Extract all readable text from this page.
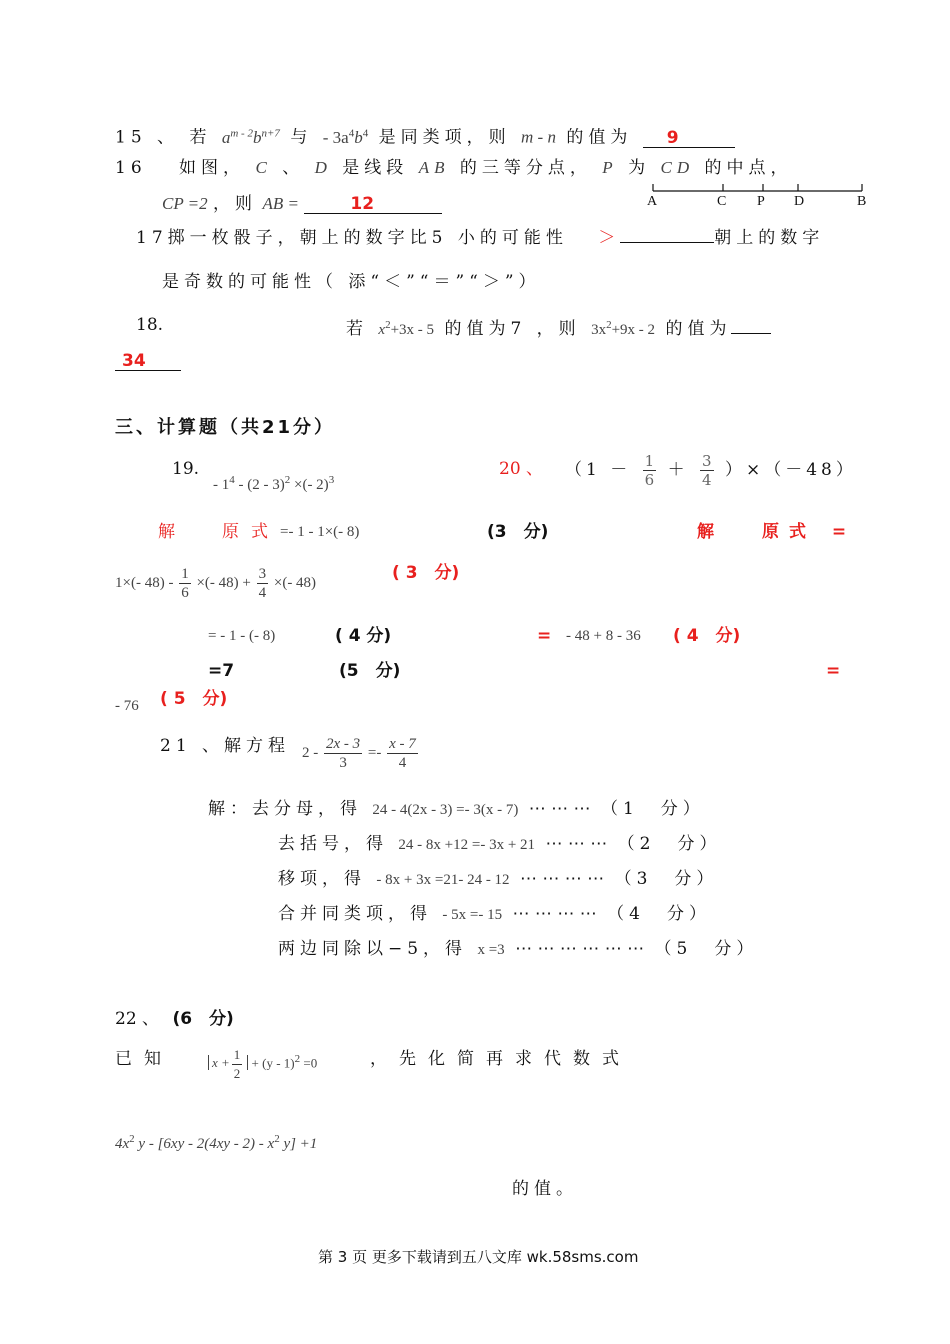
15 、 若 $a^{m - 2}b^{n+7}$ 与 - $3a^4b^4$ 是同类项，则 m - n 的值为 9
16　 如图， C 、 D 是线段 AB 的三等分点， P 为 CD 的中点，
CP =2 ，则 AB =	12	A	C P D	B
17掷一枚骰子，朝上的数字比5 小的可能性 ＞	朝上的数字
是奇数的可能性（ 添“＜”“＝”“＞”）
18.	若 $x^2+3x - 5$ 的值为7 ，则 $3x^2+9x - 2$ 的值为
34
三、计算题（共21分）
19.
- $1^4 - (2 - 3)^2$ ×(- 2)$^3$
20 、 $(1 - \frac{1}{6} + \frac{3}{4} )\times(-48)$
解	原式 =- 1 - 1×(- 8)	(3　分)	解	原式 =
1×(- $48) - \frac{1}{6}$ ×(- $48) + \frac{3}{4}$ ×(- 48)	( 3　分)
= - 1 - (- 8)	( 4 分)	= - 48 + 8 - 36 ( 4　分)
=7	(5　分)	=
- 76 ( 5　分)
21 、解方程 $2 - \frac{2x - 3}{3} =- \frac{x - 7}{4}$
解：去分母，得 24 - 4(2x - 3) =- 3(x - 7) ⋯ ⋯ ⋯ （1　分）
去括号，得 24 - 8x +12 =- 3x + 21 ⋯ ⋯ ⋯ （2　分）
移项，得 - 8x + 3x =21- 24 - 12 ⋯ ⋯ ⋯ ⋯ （3　分）
合并同类项，得 - 5x =- 15 ⋯ ⋯ ⋯ ⋯ （4　分）
两边同除以−5，得 x =3 ⋯ ⋯ ⋯ ⋯ ⋯ ⋯ （5　分）
22 、 (6　分)
已知	$x + \frac{1}{2} + (y - 1)^2 =0$	，先化简再求代数式
$4x^2$ y - [$6xy - 2(4xy - 2) - x^2$ y] +1
的值。
第 3 页 更多下载请到五八文库 wk.58sms.com
